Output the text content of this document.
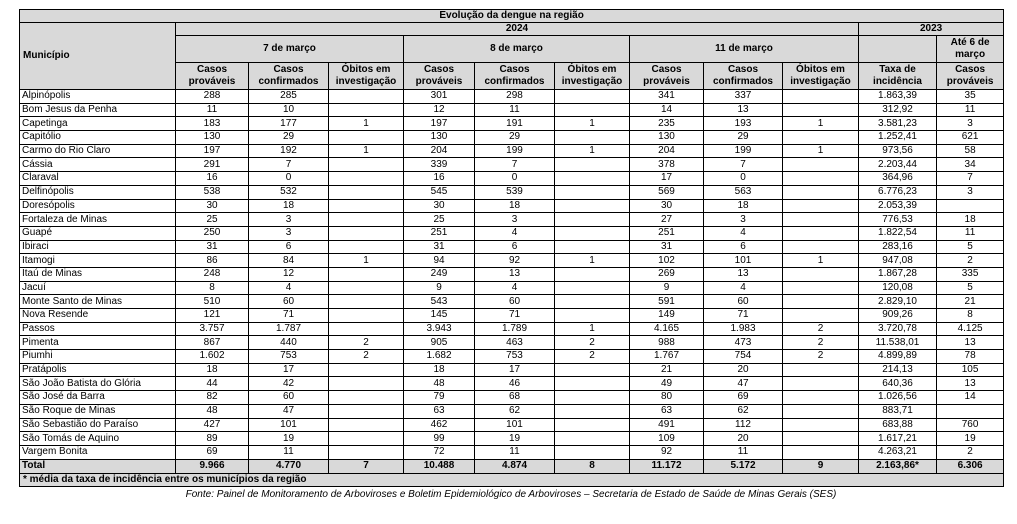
Evolução da dengue na região											
Município	2024									2023	
	7 de março			8 de março			11 de março				Até 6 de março
	Casos prováveis	Casos confirmados	Óbitos em investigação	Casos prováveis	Casos confirmados	Óbitos em investigação	Casos prováveis	Casos confirmados	Óbitos em investigação	Taxa de incidência	Casos prováveis
Alpinópolis	288	285		301	298		341	337		1.863,39	35
Bom Jesus da Penha	11	10		12	11		14	13		312,92	11
Capetinga	183	177	1	197	191	1	235	193	1	3.581,23	3
Capitólio	130	29		130	29		130	29		1.252,41	621
Carmo do Rio Claro	197	192	1	204	199	1	204	199	1	973,56	58
Cássia	291	7		339	7		378	7		2.203,44	34
Claraval	16	0		16	0		17	0		364,96	7
Delfinópolis	538	532		545	539		569	563		6.776,23	3
Doresópolis	30	18		30	18		30	18		2.053,39	
Fortaleza de Minas	25	3		25	3		27	3		776,53	18
Guapé	250	3		251	4		251	4		1.822,54	11
Ibiraci	31	6		31	6		31	6		283,16	5
Itamogi	86	84	1	94	92	1	102	101	1	947,08	2
Itaú de Minas	248	12		249	13		269	13		1.867,28	335
Jacuí	8	4		9	4		9	4		120,08	5
Monte Santo de Minas	510	60		543	60		591	60		2.829,10	21
Nova Resende	121	71		145	71		149	71		909,26	8
Passos	3.757	1.787		3.943	1.789	1	4.165	1.983	2	3.720,78	4.125
Pimenta	867	440	2	905	463	2	988	473	2	11.538,01	13
Piumhi	1.602	753	2	1.682	753	2	1.767	754	2	4.899,89	78
Pratápolis	18	17		18	17		21	20		214,13	105
São João Batista do Glória	44	42		48	46		49	47		640,36	13
São José da Barra	82	60		79	68		80	69		1.026,56	14
São Roque de Minas	48	47		63	62		63	62		883,71	
São Sebastião do Paraíso	427	101		462	101		491	112		683,88	760
São Tomás de Aquino	89	19		99	19		109	20		1.617,21	19
Vargem Bonita	69	11		72	11		92	11		4.263,21	2
Total	9.966	4.770	7	10.488	4.874	8	11.172	5.172	9	2.163,86*	6.306
* média da taxa de incidência entre os municípios da região											
Fonte: Painel de Monitoramento de Arboviroses e Boletim Epidemiológico de Arboviroses – Secretaria de Estado de Saúde de Minas Gerais (SES)
